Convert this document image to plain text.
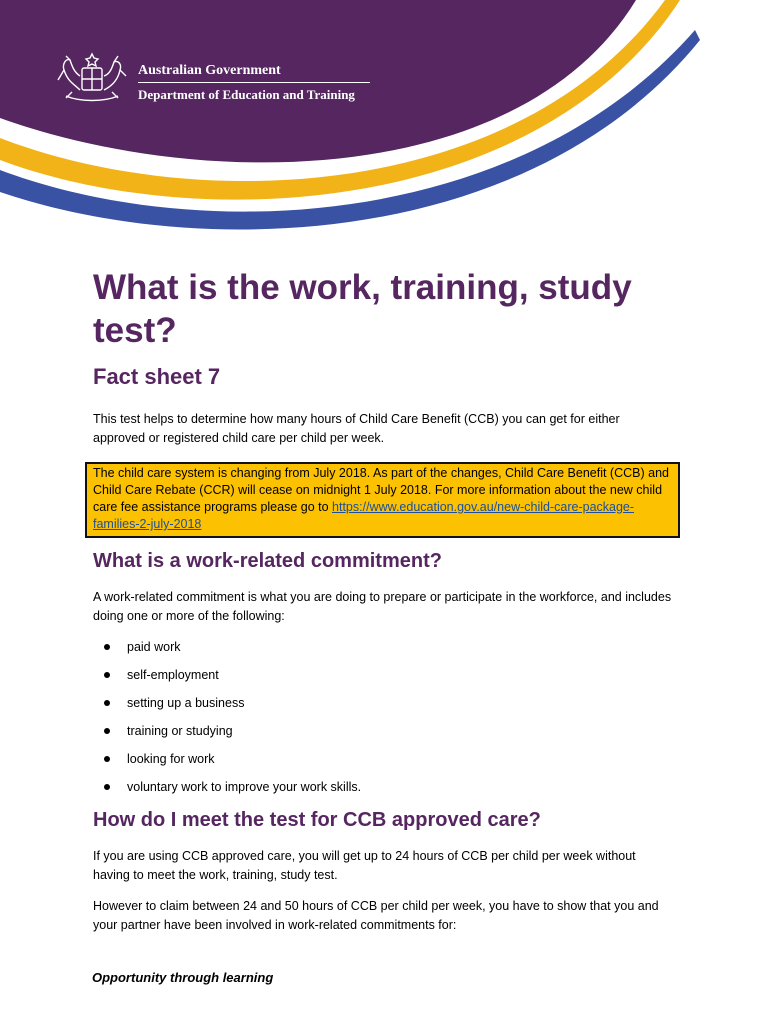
Australian Government
Department of Education and Training
What is the work, training, study test?

Fact sheet 7

This test helps to determine how many hours of Child Care Benefit (CCB) you can get for either approved or registered child care per child per week.

The child care system is changing from July 2018. As part of the changes, Child Care Benefit (CCB) and Child Care Rebate (CCR) will cease on midnight 1 July 2018. For more information about the new child care fee assistance programs please go to https://www.education.gov.au/new-child-care-package-families-2-july-2018
What is a work-related commitment?

A work-related commitment is what you are doing to prepare or participate in the workforce, and includes doing one or more of the following:

paid work
self-employment
setting up a business
training or studying
looking for work
voluntary work to improve your work skills.
How do I meet the test for CCB approved care?

If you are using CCB approved care, you will get up to 24 hours of CCB per child per week without having to meet the work, training, study test.

However to claim between 24 and 50 hours of CCB per child per week, you have to show that you and your partner have been involved in work-related commitments for:

Opportunity through learning
